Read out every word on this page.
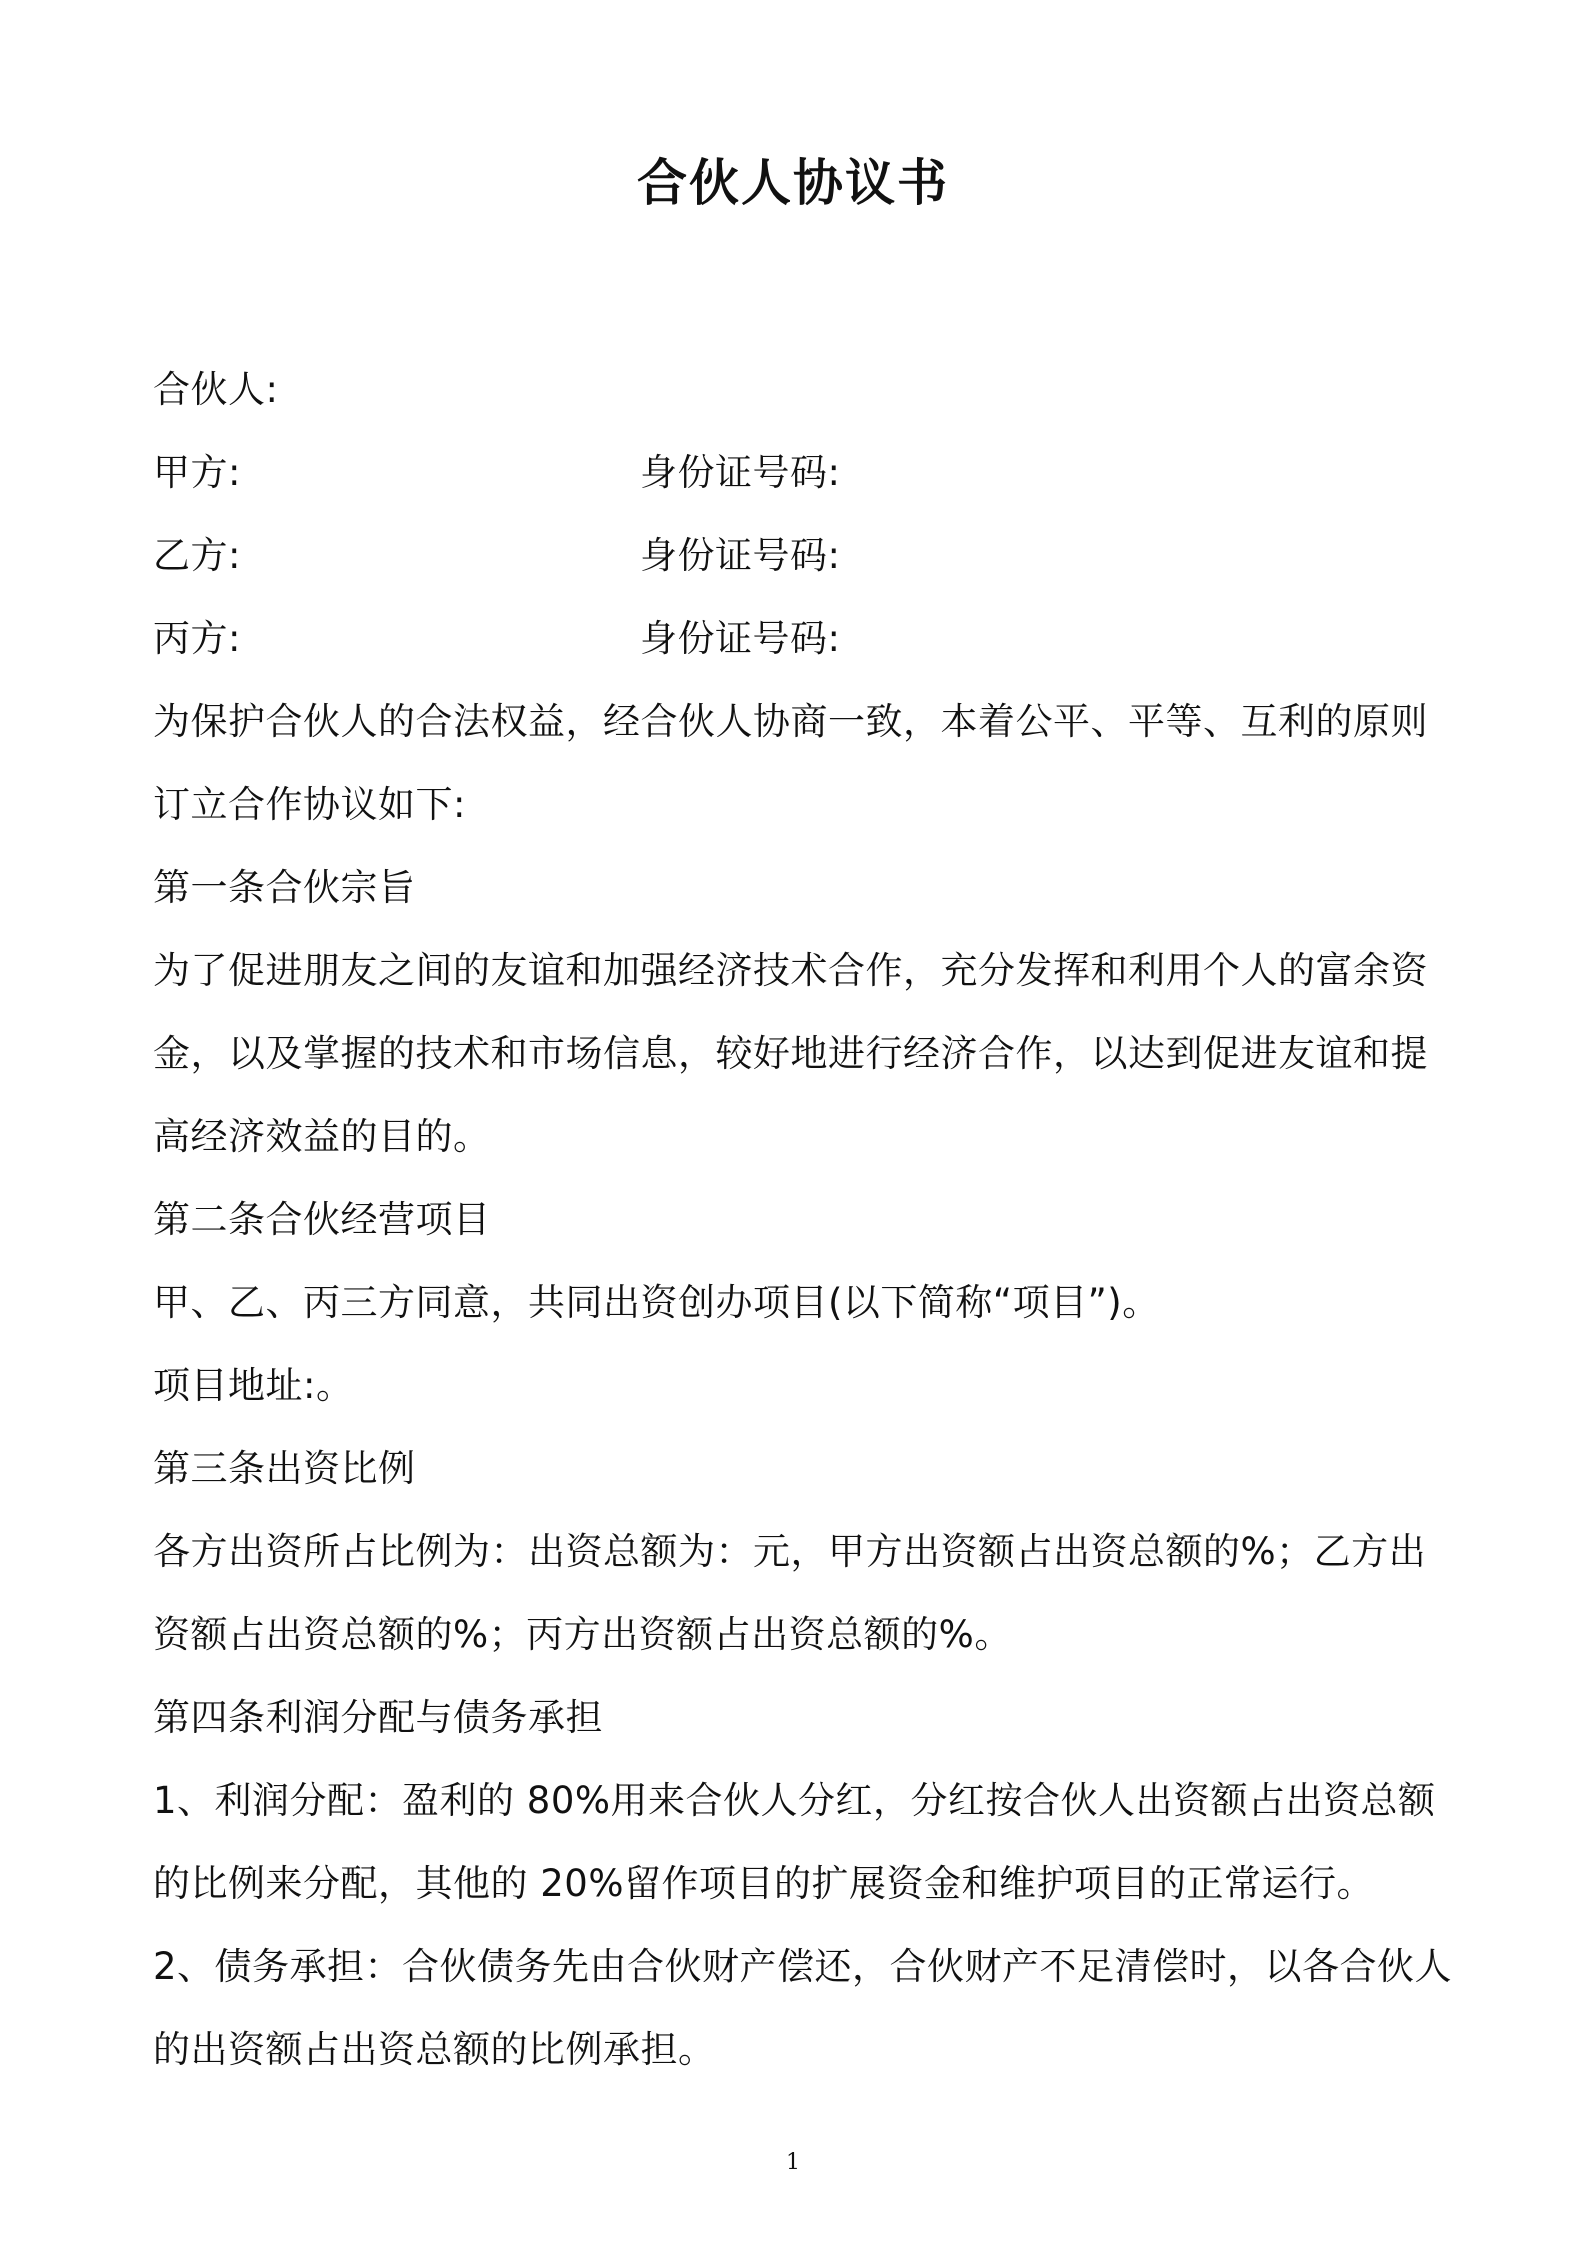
合伙人协议书
合伙人:
甲方:	身份证号码:
乙方:	身份证号码:
丙方:	身份证号码:
为保护合伙人的合法权益，经合伙人协商一致，本着公平、平等、互利的原则
订立合作协议如下:
第一条合伙宗旨
为了促进朋友之间的友谊和加强经济技术合作，充分发挥和利用个人的富余资
金，以及掌握的技术和市场信息，较好地进行经济合作，以达到促进友谊和提
高经济效益的目的。
第二条合伙经营项目
甲、乙、丙三方同意，共同出资创办项目(以下简称“项目”)。
项目地址:。
第三条出资比例
各方出资所占比例为：出资总额为：元，甲方出资额占出资总额的%；乙方出
资额占出资总额的%；丙方出资额占出资总额的%。
第四条利润分配与债务承担
1、利润分配：盈利的 80%用来合伙人分红，分红按合伙人出资额占出资总额
的比例来分配，其他的 20%留作项目的扩展资金和维护项目的正常运行。
2、债务承担：合伙债务先由合伙财产偿还，合伙财产不足清偿时，以各合伙人
的出资额占出资总额的比例承担。
1
